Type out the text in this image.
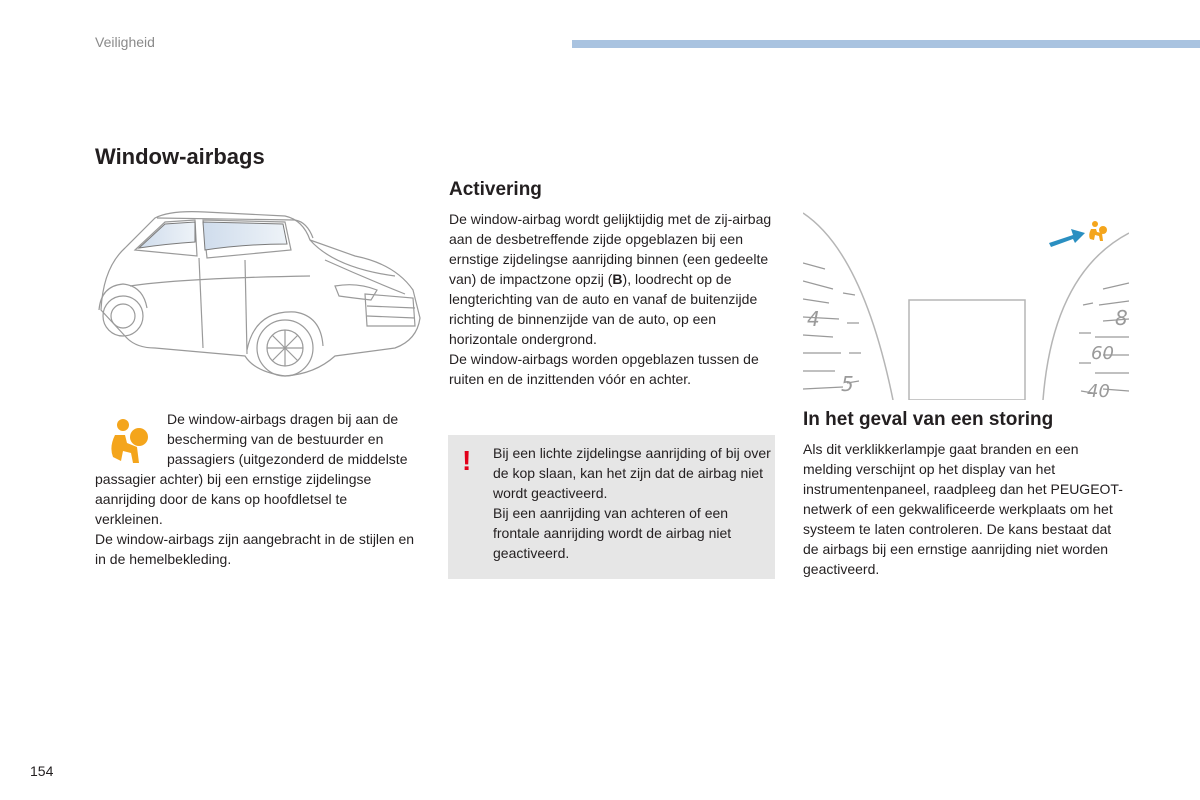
Veiligheid
Window-airbags

De window-airbags dragen bij aan de bescherming van de bestuurder en passagiers (uitgezonderd de middelste passagier achter) bij een ernstige zijdelingse aanrijding door de kans op hoofdletsel te verkleinen.

De window-airbags zijn aangebracht in de stijlen en in de hemelbekleding.

Activering

De window-airbag wordt gelijktijdig met de zij-airbag aan de desbetreffende zijde opgeblazen bij een ernstige zijdelingse aanrijding binnen (een gedeelte van) de impactzone opzij (B), loodrecht op de lengterichting van de auto en vanaf de buitenzijde richting de binnenzijde van de auto, op een horizontale ondergrond.

De window-airbags worden opgeblazen tussen de ruiten en de inzittenden vóór en achter.

! Bij een lichte zijdelingse aanrijding of bij over de kop slaan, kan het zijn dat de airbag niet wordt geactiveerd.

Bij een aanrijding van achteren of een frontale aanrijding wordt de airbag niet geactiveerd.

4
5
8
60
40
In het geval van een storing

Als dit verklikkerlampje gaat branden en een melding verschijnt op het display van het instrumentenpaneel, raadpleeg dan het PEUGEOT-netwerk of een gekwalificeerde werkplaats om het systeem te laten controleren. De kans bestaat dat de airbags bij een ernstige aanrijding niet worden geactiveerd.

154
